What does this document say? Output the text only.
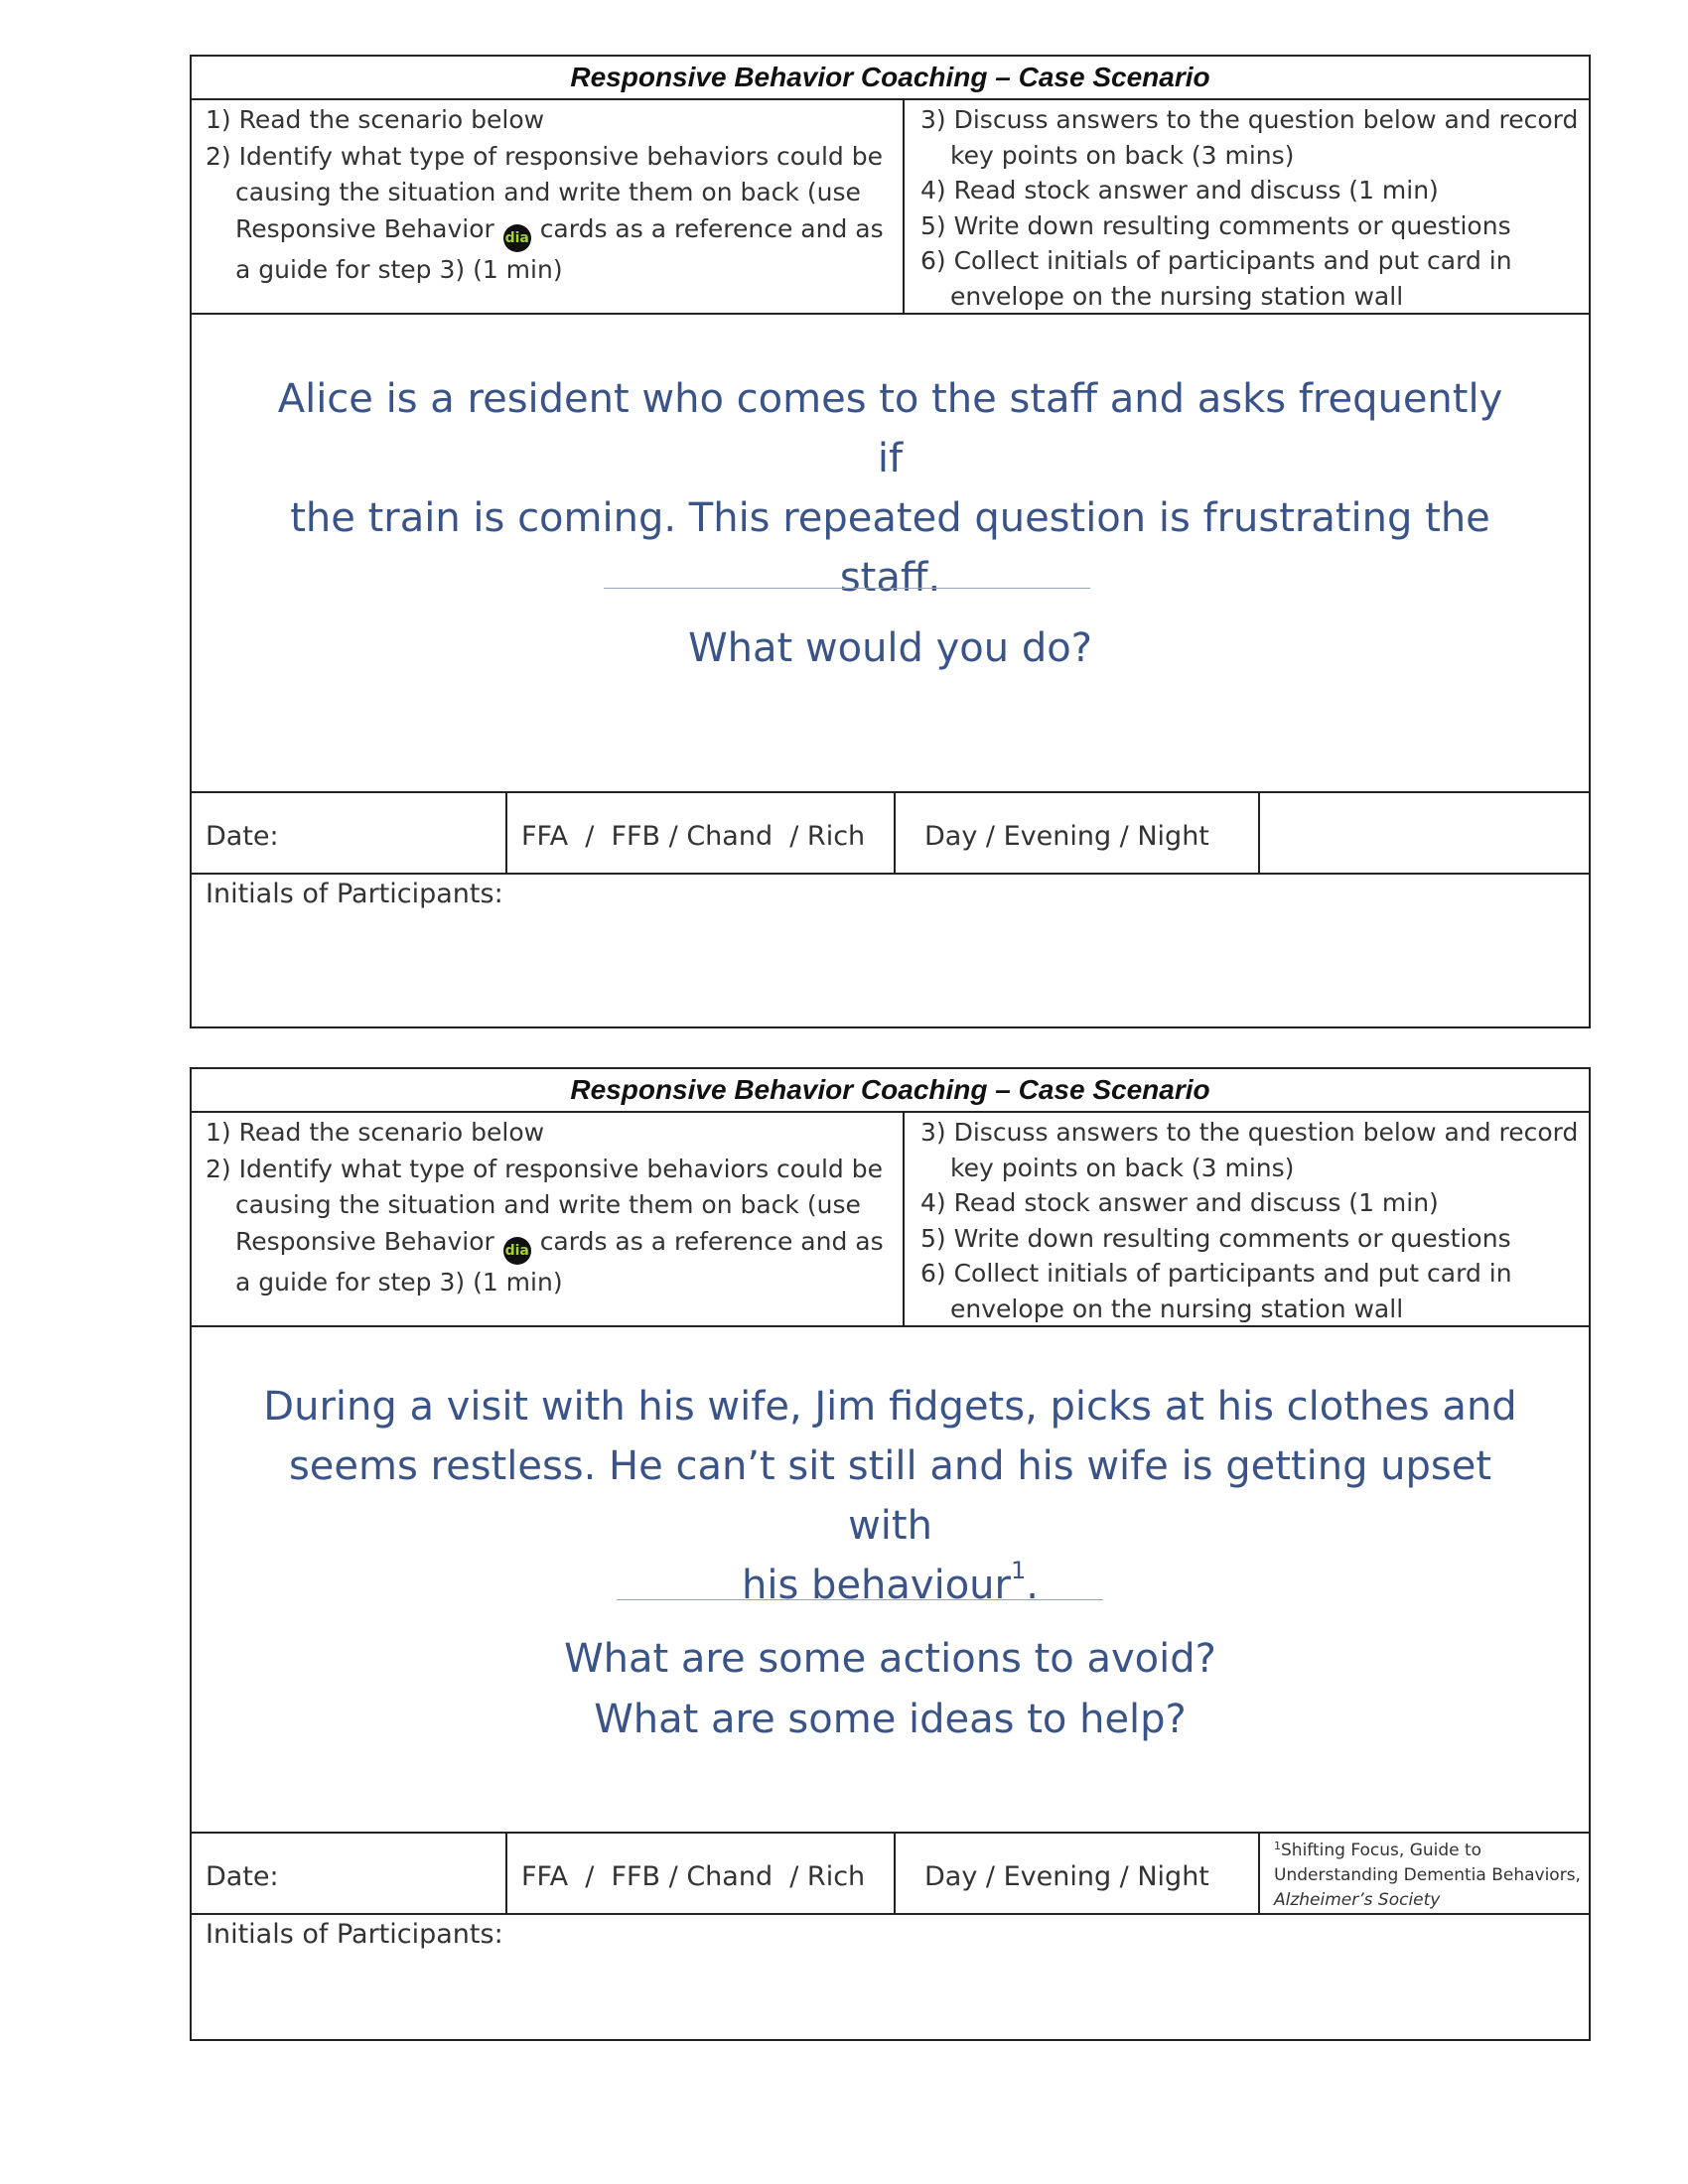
Responsive Behavior Coaching – Case Scenario
1) Read the scenario below
2) Identify what type of responsive behaviors could be causing the situation and write them on back (use Responsive Behavior dia cards as a reference and as a guide for step 3) (1 min)
3) Discuss answers to the question below and record key points on back (3 mins)
4) Read stock answer and discuss (1 min)
5) Write down resulting comments or questions
6) Collect initials of participants and put card in envelope on the nursing station wall
Alice is a resident who comes to the staff and asks frequently if
the train is coming. This repeated question is frustrating the
staff.
What would you do?
Date:	FFA  /  FFB / Chand  / Rich	Day / Evening / Night
Initials of Participants:
Responsive Behavior Coaching – Case Scenario
1) Read the scenario below
2) Identify what type of responsive behaviors could be causing the situation and write them on back (use Responsive Behavior dia cards as a reference and as a guide for step 3) (1 min)
3) Discuss answers to the question below and record key points on back (3 mins)
4) Read stock answer and discuss (1 min)
5) Write down resulting comments or questions
6) Collect initials of participants and put card in envelope on the nursing station wall
During a visit with his wife, Jim fidgets, picks at his clothes and
seems restless. He can’t sit still and his wife is getting upset with
his behaviour$^1$.
What are some actions to avoid?
What are some ideas to help?
Date:	FFA  /  FFB / Chand  / Rich	Day / Evening / Night
$^1$Shifting Focus, Guide to Understanding Dementia Behaviors, Alzheimer’s Society
Initials of Participants:
